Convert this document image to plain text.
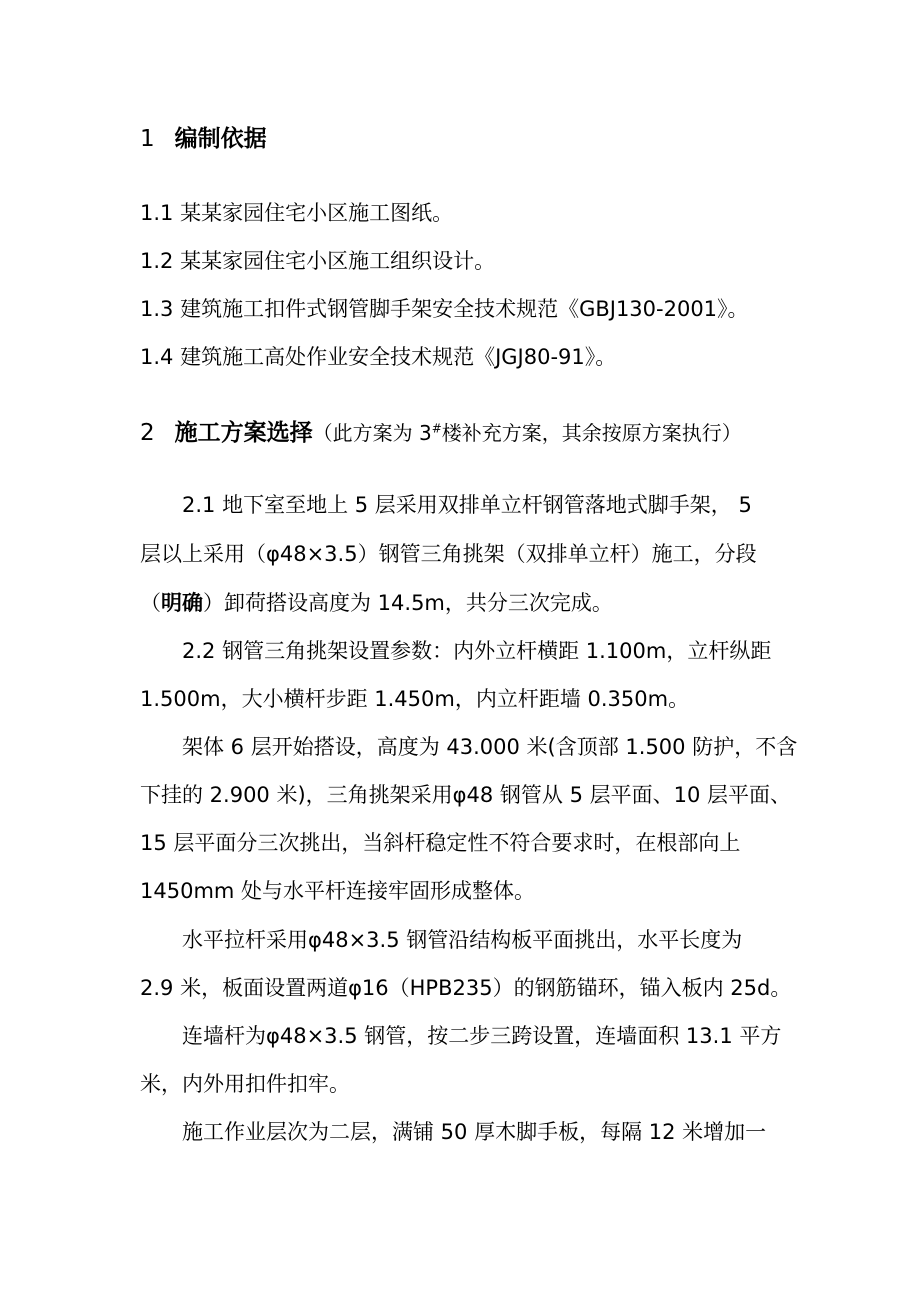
1 编制依据
1.1 某某家园住宅小区施工图纸。
1.2 某某家园住宅小区施工组织设计。
1.3 建筑施工扣件式钢管脚手架安全技术规范《GBJ130-2001》。
1.4 建筑施工高处作业安全技术规范《JGJ80-91》。
2 施工方案选择（此方案为 3#楼补充方案，其余按原方案执行）
2.1 地下室至地上 5 层采用双排单立杆钢管落地式脚手架， 5
层以上采用（φ48×3.5）钢管三角挑架（双排单立杆）施工，分段
（明确）卸荷搭设高度为 14.5m，共分三次完成。
2.2 钢管三角挑架设置参数：内外立杆横距 1.100m，立杆纵距
1.500m，大小横杆步距 1.450m，内立杆距墙 0.350m。
架体 6 层开始搭设，高度为 43.000 米(含顶部 1.500 防护，不含
下挂的 2.900 米)，三角挑架采用φ48 钢管从 5 层平面、10 层平面、
15 层平面分三次挑出，当斜杆稳定性不符合要求时，在根部向上
1450mm 处与水平杆连接牢固形成整体。
水平拉杆采用φ48×3.5 钢管沿结构板平面挑出，水平长度为
2.9 米，板面设置两道φ16（HPB235）的钢筋锚环，锚入板内 25d。
连墙杆为φ48×3.5 钢管，按二步三跨设置，连墙面积 13.1 平方
米，内外用扣件扣牢。
施工作业层次为二层，满铺 50 厚木脚手板，每隔 12 米增加一
